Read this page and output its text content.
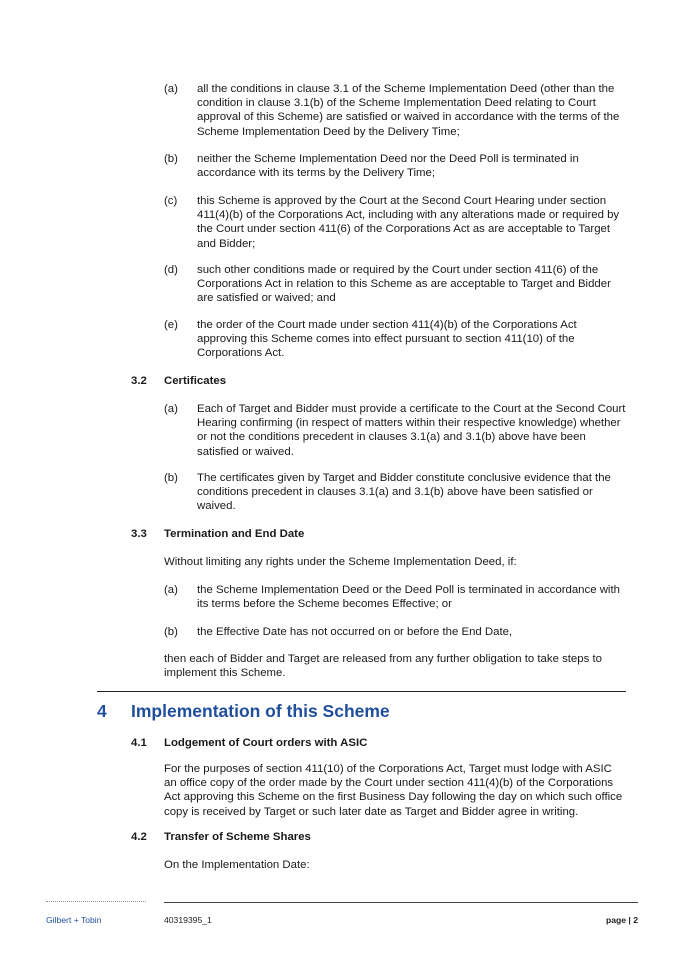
(a) all the conditions in clause 3.1 of the Scheme Implementation Deed (other than the condition in clause 3.1(b) of the Scheme Implementation Deed relating to Court approval of this Scheme) are satisfied or waived in accordance with the terms of the Scheme Implementation Deed by the Delivery Time;
(b) neither the Scheme Implementation Deed nor the Deed Poll is terminated in accordance with its terms by the Delivery Time;
(c) this Scheme is approved by the Court at the Second Court Hearing under section 411(4)(b) of the Corporations Act, including with any alterations made or required by the Court under section 411(6) of the Corporations Act as are acceptable to Target and Bidder;
(d) such other conditions made or required by the Court under section 411(6) of the Corporations Act in relation to this Scheme as are acceptable to Target and Bidder are satisfied or waived; and
(e) the order of the Court made under section 411(4)(b) of the Corporations Act approving this Scheme comes into effect pursuant to section 411(10) of the Corporations Act.
3.2 Certificates
(a) Each of Target and Bidder must provide a certificate to the Court at the Second Court Hearing confirming (in respect of matters within their respective knowledge) whether or not the conditions precedent in clauses 3.1(a) and 3.1(b) above have been satisfied or waived.
(b) The certificates given by Target and Bidder constitute conclusive evidence that the conditions precedent in clauses 3.1(a) and 3.1(b) above have been satisfied or waived.
3.3 Termination and End Date
Without limiting any rights under the Scheme Implementation Deed, if:
(a) the Scheme Implementation Deed or the Deed Poll is terminated in accordance with its terms before the Scheme becomes Effective; or
(b) the Effective Date has not occurred on or before the End Date,
then each of Bidder and Target are released from any further obligation to take steps to implement this Scheme.
4 Implementation of this Scheme
4.1 Lodgement of Court orders with ASIC
For the purposes of section 411(10) of the Corporations Act, Target must lodge with ASIC an office copy of the order made by the Court under section 411(4)(b) of the Corporations Act approving this Scheme on the first Business Day following the day on which such office copy is received by Target or such later date as Target and Bidder agree in writing.
4.2 Transfer of Scheme Shares
On the Implementation Date:
Gilbert + Tobin	40319395_1	page | 2
